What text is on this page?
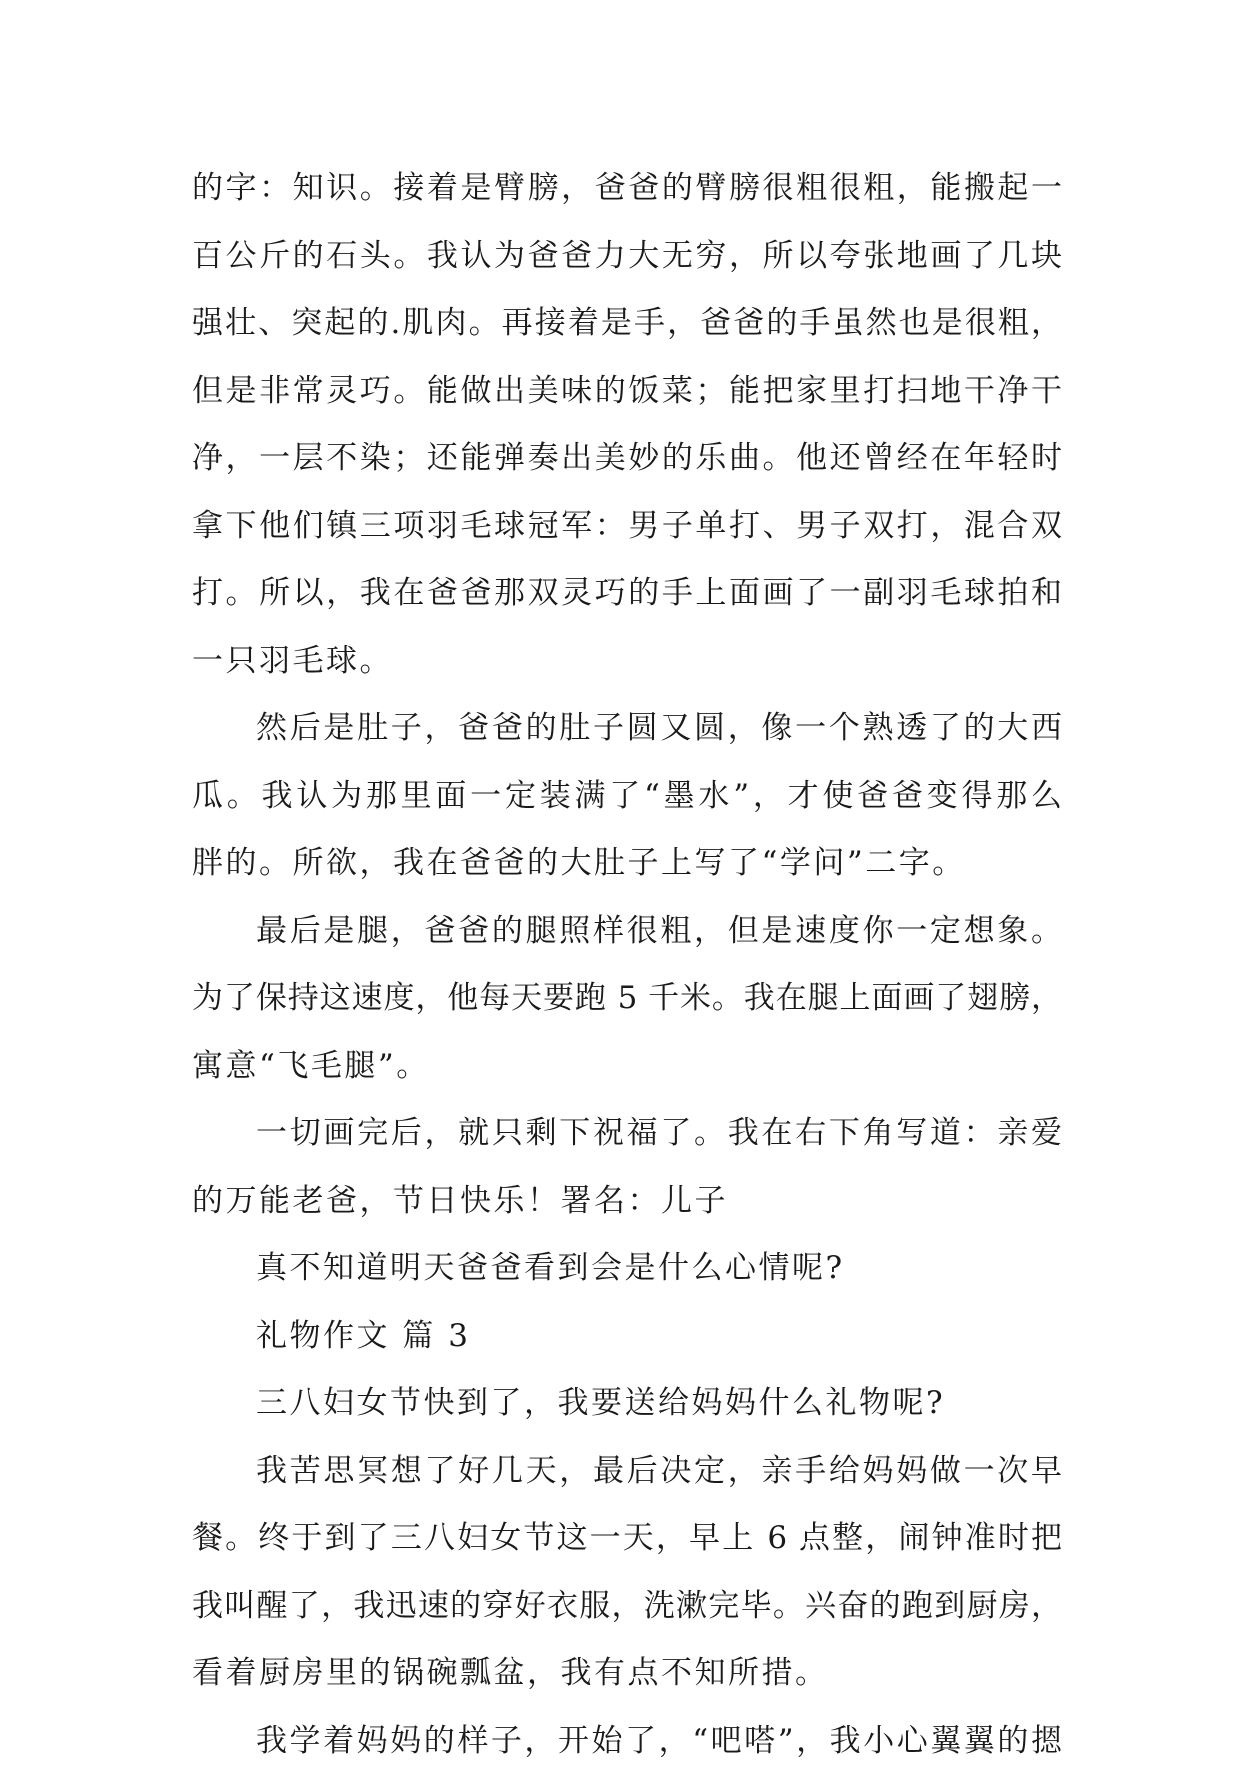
的字：知识。接着是臂膀，爸爸的臂膀很粗很粗，能搬起一
百公斤的石头。我认为爸爸力大无穷，所以夸张地画了几块
强壮、突起的.肌肉。再接着是手，爸爸的手虽然也是很粗，
但是非常灵巧。能做出美味的饭菜；能把家里打扫地干净干
净，一层不染；还能弹奏出美妙的乐曲。他还曾经在年轻时
拿下他们镇三项羽毛球冠军：男子单打、男子双打，混合双
打。所以，我在爸爸那双灵巧的手上面画了一副羽毛球拍和
一只羽毛球。
然后是肚子，爸爸的肚子圆又圆，像一个熟透了的大西
瓜。我认为那里面一定装满了“墨水”，才使爸爸变得那么
胖的。所欲，我在爸爸的大肚子上写了“学问”二字。
最后是腿，爸爸的腿照样很粗，但是速度你一定想象。
为了保持这速度，他每天要跑 5 千米。我在腿上面画了翅膀，
寓意“飞毛腿”。
一切画完后，就只剩下祝福了。我在右下角写道：亲爱
的万能老爸，节日快乐！署名：儿子
真不知道明天爸爸看到会是什么心情呢?
礼物作文 篇 3
三八妇女节快到了，我要送给妈妈什么礼物呢?
我苦思冥想了好几天，最后决定，亲手给妈妈做一次早
餐。终于到了三八妇女节这一天，早上 6 点整，闹钟准时把
我叫醒了，我迅速的穿好衣服，洗漱完毕。兴奋的跑到厨房，
看着厨房里的锅碗瓢盆，我有点不知所措。
我学着妈妈的样子，开始了，“吧嗒”，我小心翼翼的摁
